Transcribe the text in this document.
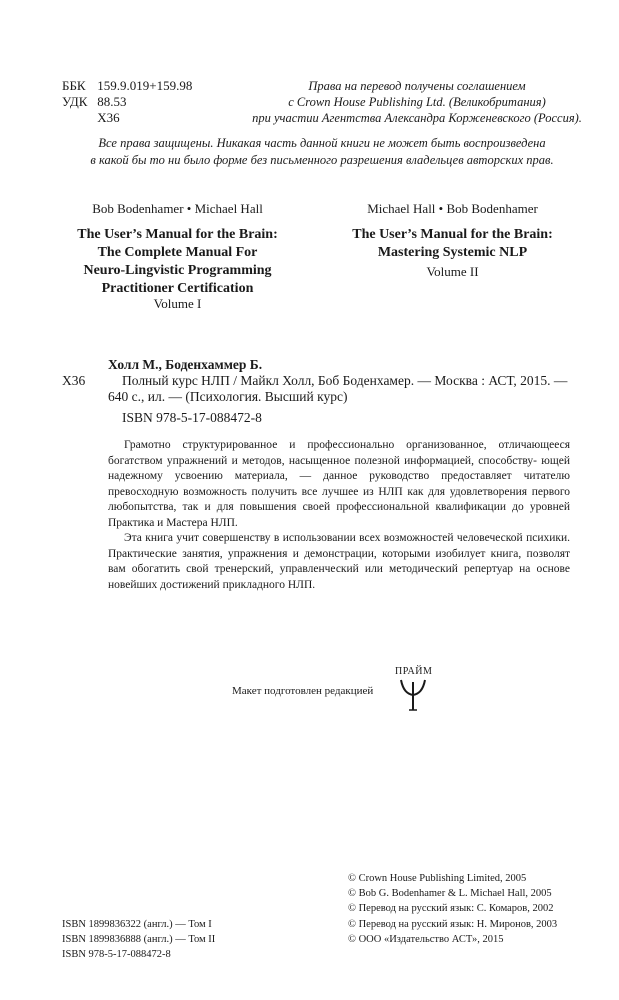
ББК 159.9.019+159.98
УДК 88.53
Х36
Права на перевод получены соглашением
с Crown House Publishing Ltd. (Великобритания)
при участии Агентства Александра Корженевского (Россия).
Все права защищены. Никакая часть данной книги не может быть воспроизведена
в какой бы то ни было форме без письменного разрешения владельцев авторских прав.
Bob Bodenhamer • Michael Hall
The User’s Manual for the Brain:
The Complete Manual For
Neuro-Lingvistic Programming
Practitioner Certification
Volume I
Michael Hall • Bob Bodenhamer
The User’s Manual for the Brain:
Mastering Systemic NLP
Volume II
Холл М., Боденхаммер Б.
Х36	Полный курс НЛП / Майкл Холл, Боб Боденхамер. — Москва : АСТ, 2015. —
640 с., ил. — (Психология. Высший курс)
ISBN 978-5-17-088472-8

Грамотно структурированное и профессионально организованное, отличающееся богатством упражнений и методов, насыщенное полезной информацией, способству- ющей надежному усвоению материала, — данное руководство предоставляет читателю превосходную возможность получить все лучшее из НЛП как для удовлетворения первого любопытства, так и для повышения своей профессиональной квалификации до уровней Практика и Мастера НЛП.

Эта книга учит совершенству в использовании всех возможностей человеческой психики. Практические занятия, упражнения и демонстрации, которыми изобилует книга, позволят вам обогатить свой тренерский, управленческий или методический репертуар на основе новейших достижений прикладного НЛП.

Макет подготовлен редакцией
ПРАЙМ
ISBN 1899836322 (англ.) — Том I
ISBN 1899836888 (англ.) — Том II
ISBN 978-5-17-088472-8
© Crown House Publishing Limited, 2005
© Bob G. Bodenhamer & L. Michael Hall, 2005
© Перевод на русский язык: С. Комаров, 2002
© Перевод на русский язык: Н. Миронов, 2003
© ООО «Издательство АСТ», 2015
